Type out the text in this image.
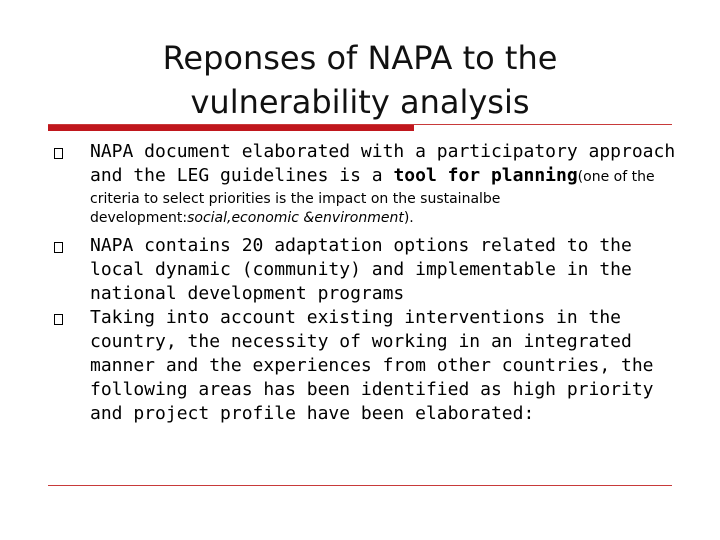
Reponses of NAPA to the
vulnerability analysis
NAPA document elaborated with a participatory approach and the LEG guidelines is a tool for planning(one of the
criteria to select priorities is the impact on the sustainalbe development:social,economic &environment).
NAPA contains 20 adaptation options related to the local dynamic (community) and implementable in the national development programs
Taking into account existing interventions in the country, the necessity of working in an integrated manner and the experiences from other countries, the following areas has been identified as high priority and project profile have been elaborated:
